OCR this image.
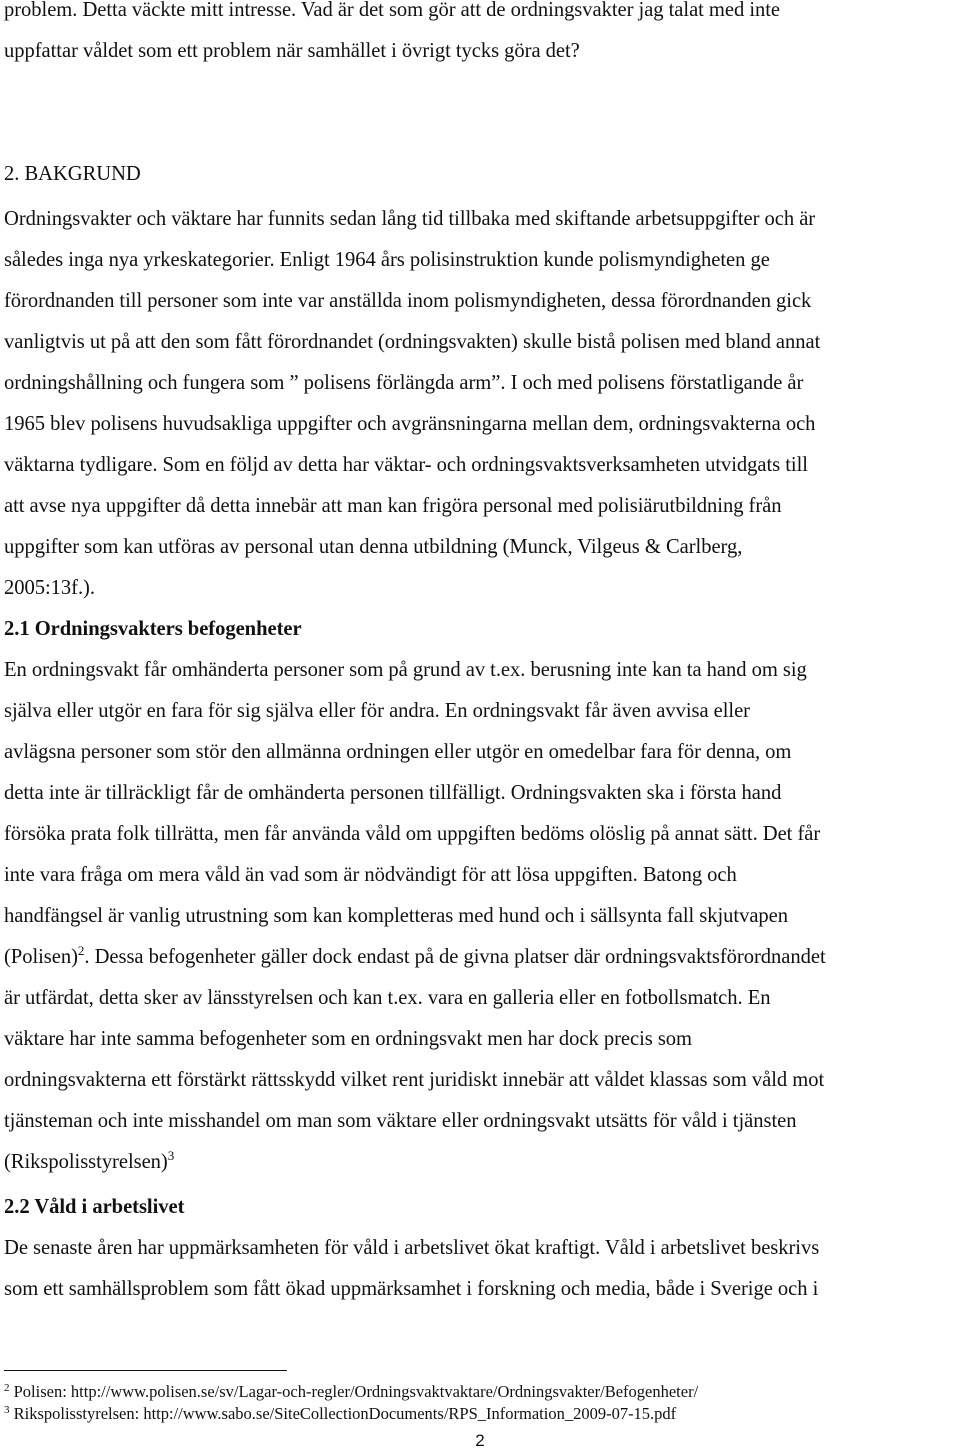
problem. Detta väckte mitt intresse. Vad är det som gör att de ordningsvakter jag talat med inte
uppfattar våldet som ett problem när samhället i övrigt tycks göra det?
2. BAKGRUND
Ordningsvakter och väktare har funnits sedan lång tid tillbaka med skiftande arbetsuppgifter och är
således inga nya yrkeskategorier. Enligt 1964 års polisinstruktion kunde polismyndigheten ge
förordnanden till personer som inte var anställda inom polismyndigheten, dessa förordnanden gick
vanligtvis ut på att den som fått förordnandet (ordningsvakten) skulle bistå polisen med bland annat
ordningshållning och fungera som ” polisens förlängda arm”. I och med polisens förstatligande år
1965 blev polisens huvudsakliga uppgifter och avgränsningarna mellan dem, ordningsvakterna och
väktarna tydligare. Som en följd av detta har väktar- och ordningsvaktsverksamheten utvidgats till
att avse nya uppgifter då detta innebär att man kan frigöra personal med polisiärutbildning från
uppgifter som kan utföras av personal utan denna utbildning (Munck, Vilgeus & Carlberg,
2005:13f.).
2.1 Ordningsvakters befogenheter
En ordningsvakt får omhänderta personer som på grund av t.ex. berusning inte kan ta hand om sig
själva eller utgör en fara för sig själva eller för andra. En ordningsvakt får även avvisa eller
avlägsna personer som stör den allmänna ordningen eller utgör en omedelbar fara för denna, om
detta inte är tillräckligt får de omhänderta personen tillfälligt. Ordningsvakten ska i första hand
försöka prata folk tillrätta, men får använda våld om uppgiften bedöms olöslig på annat sätt. Det får
inte vara fråga om mera våld än vad som är nödvändigt för att lösa uppgiften. Batong och
handfängsel är vanlig utrustning som kan kompletteras med hund och i sällsynta fall skjutvapen
(Polisen)$^2$. Dessa befogenheter gäller dock endast på de givna platser där ordningsvaktsförordnandet
är utfärdat, detta sker av länsstyrelsen och kan t.ex. vara en galleria eller en fotbollsmatch. En
väktare har inte samma befogenheter som en ordningsvakt men har dock precis som
ordningsvakterna ett förstärkt rättsskydd vilket rent juridiskt innebär att våldet klassas som våld mot
tjänsteman och inte misshandel om man som väktare eller ordningsvakt utsätts för våld i tjänsten
(Rikspolisstyrelsen)$^3$
2.2 Våld i arbetslivet
De senaste åren har uppmärksamheten för våld i arbetslivet ökat kraftigt. Våld i arbetslivet beskrivs
som ett samhällsproblem som fått ökad uppmärksamhet i forskning och media, både i Sverige och i
$^2$ Polisen: http://www.polisen.se/sv/Lagar-och-regler/Ordningsvaktvaktare/Ordningsvakter/Befogenheter/
$^3$ Rikspolisstyrelsen: http://www.sabo.se/SiteCollectionDocuments/RPS_Information_2009-07-15.pdf
2
